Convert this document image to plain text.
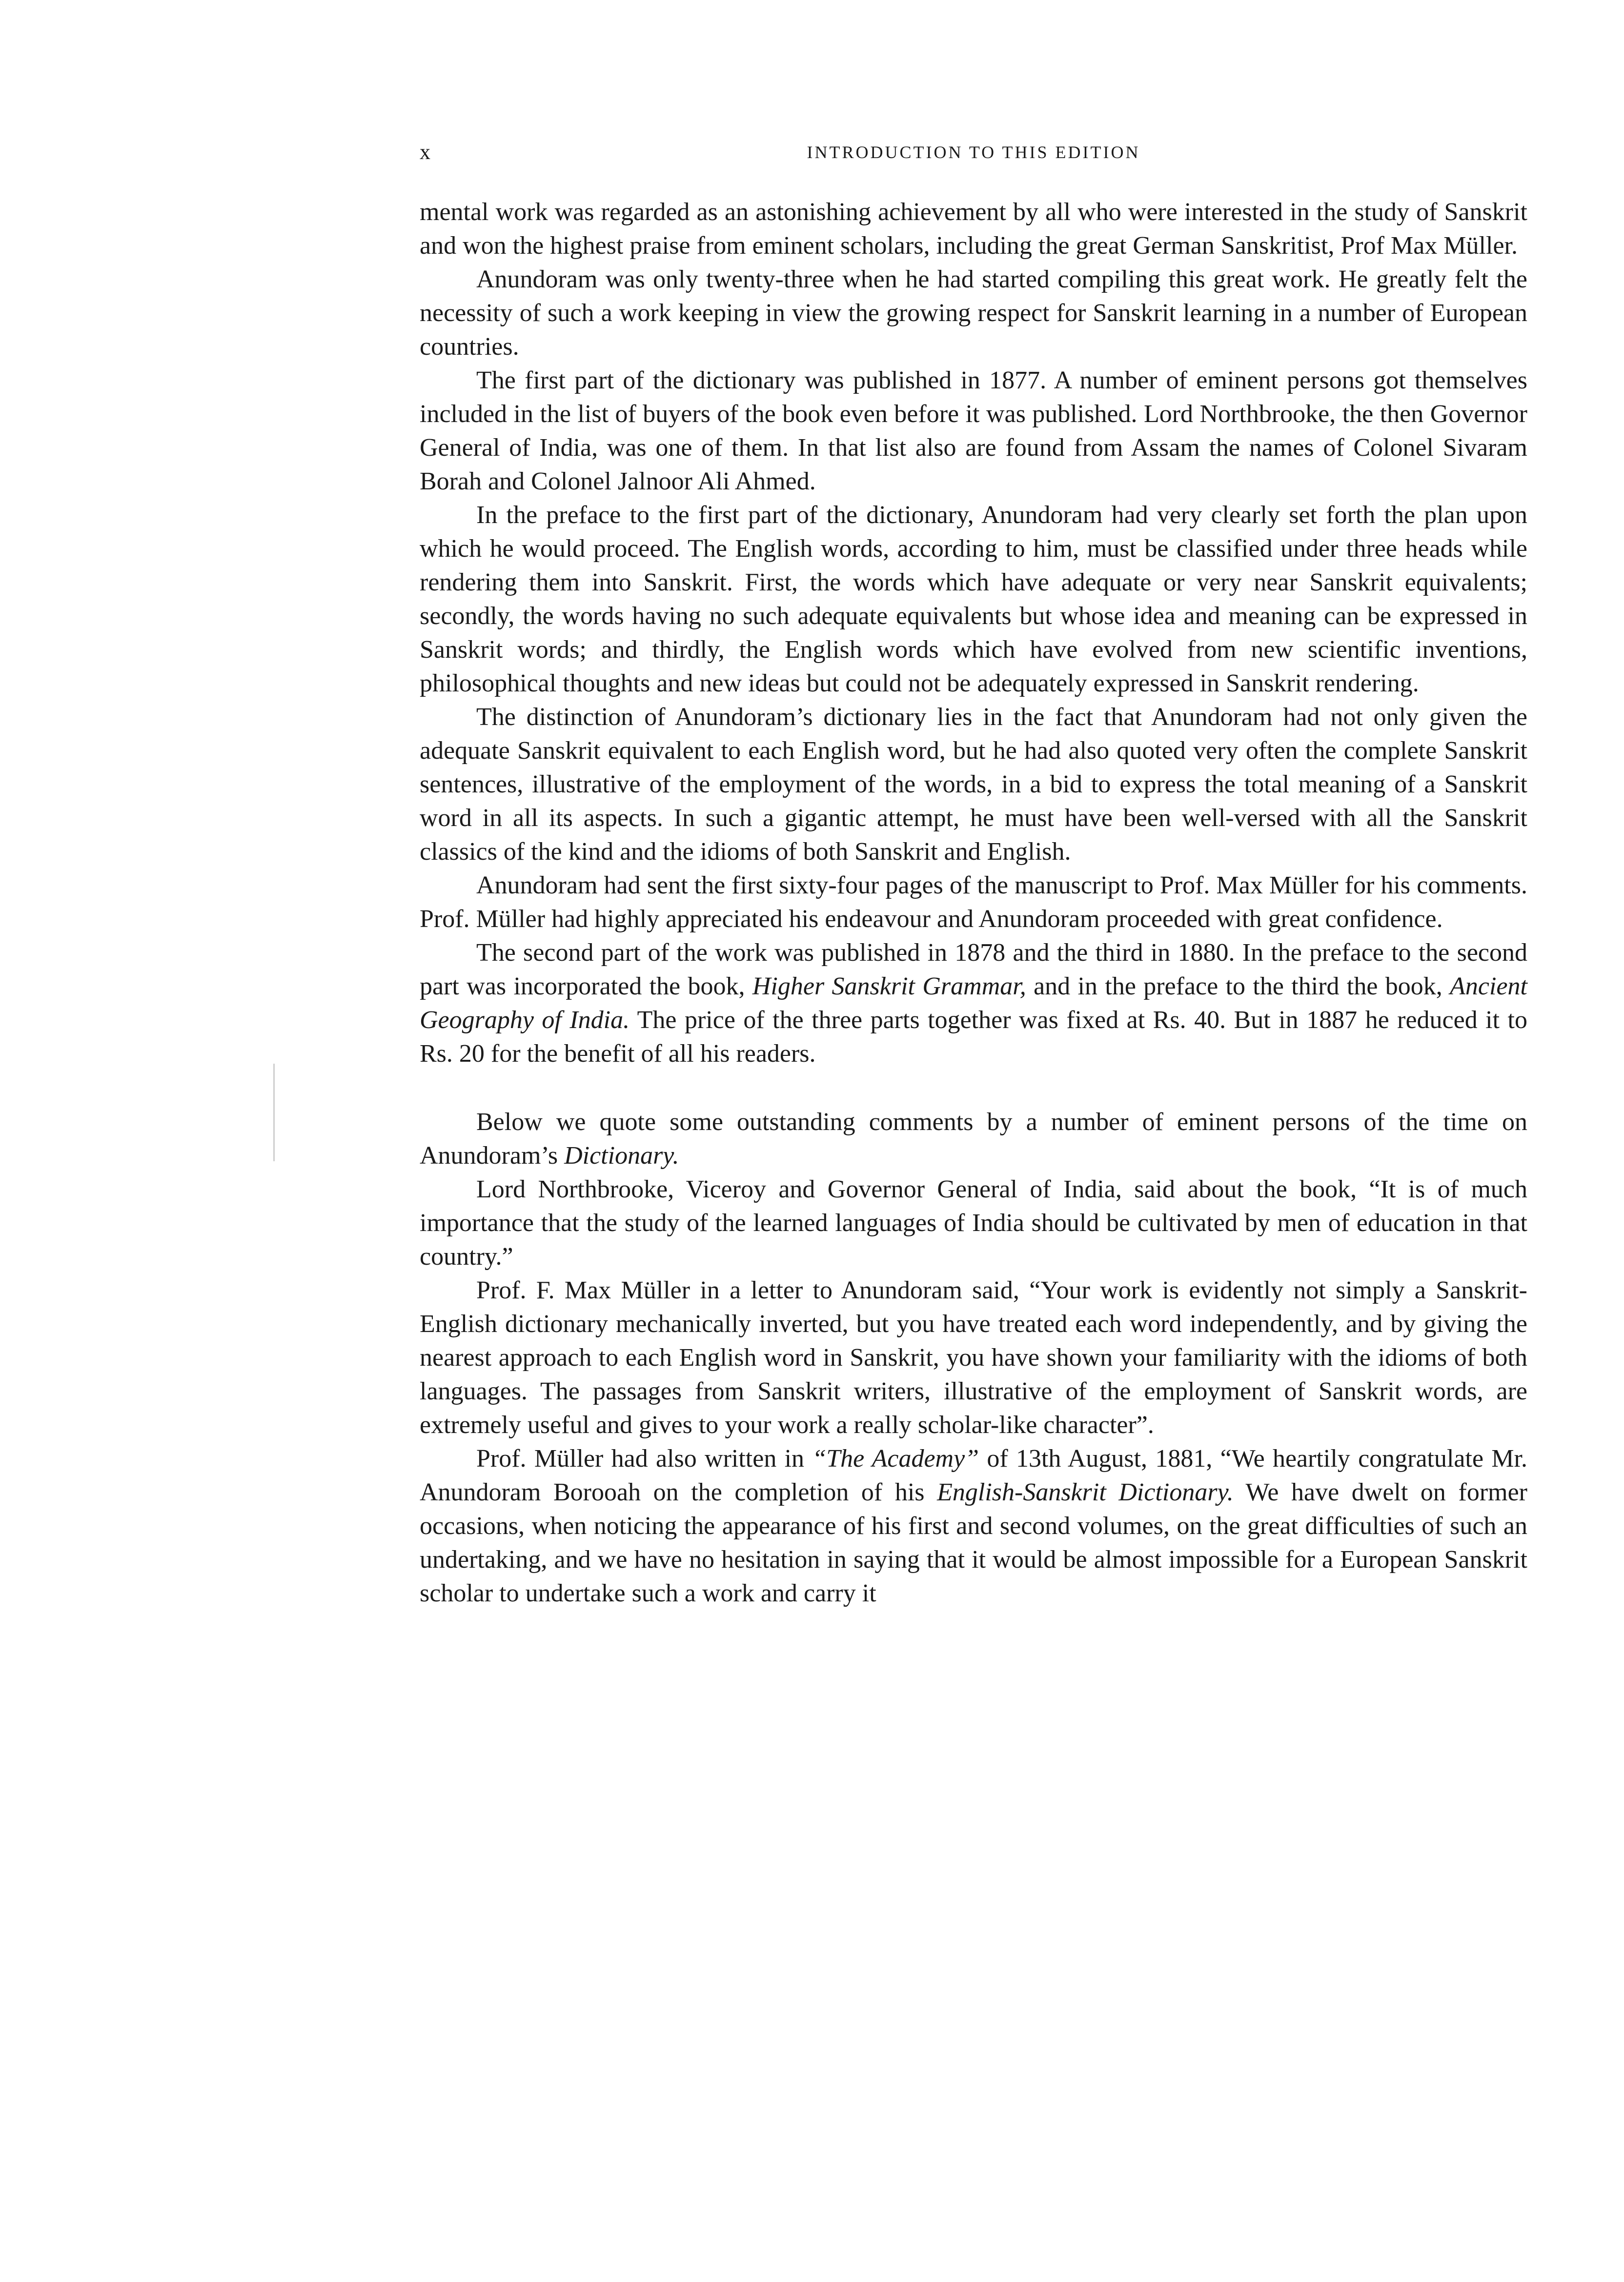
x	INTRODUCTION TO THIS EDITION

mental work was regarded as an astonishing achievement by all who were interested in the study of Sanskrit and won the highest praise from eminent scholars, including the great German Sanskritist, Prof Max Müller.

Anundoram was only twenty-three when he had started compiling this great work. He greatly felt the necessity of such a work keeping in view the growing respect for Sanskrit learning in a number of European countries.

The first part of the dictionary was published in 1877. A number of eminent persons got themselves included in the list of buyers of the book even before it was published. Lord Northbrooke, the then Governor General of India, was one of them. In that list also are found from Assam the names of Colonel Sivaram Borah and Colonel Jalnoor Ali Ahmed.

In the preface to the first part of the dictionary, Anundoram had very clearly set forth the plan upon which he would proceed. The English words, according to him, must be classified under three heads while rendering them into Sanskrit. First, the words which have adequate or very near Sanskrit equivalents; secondly, the words having no such adequate equivalents but whose idea and meaning can be expressed in Sanskrit words; and thirdly, the English words which have evolved from new scientific inventions, philosophical thoughts and new ideas but could not be adequately expressed in Sanskrit rendering.

The distinction of Anundoram’s dictionary lies in the fact that Anundoram had not only given the adequate Sanskrit equivalent to each English word, but he had also quoted very often the complete Sanskrit sentences, illustrative of the employment of the words, in a bid to express the total meaning of a Sanskrit word in all its aspects. In such a gigantic attempt, he must have been well-versed with all the Sanskrit classics of the kind and the idioms of both Sanskrit and English.

Anundoram had sent the first sixty-four pages of the manuscript to Prof. Max Müller for his comments. Prof. Müller had highly appreciated his endeavour and Anundoram proceeded with great confidence.

The second part of the work was published in 1878 and the third in 1880. In the preface to the second part was incorporated the book, Higher Sanskrit Grammar, and in the preface to the third the book, Ancient Geography of India. The price of the three parts together was fixed at Rs. 40. But in 1887 he reduced it to Rs. 20 for the benefit of all his readers.

Below we quote some outstanding comments by a number of eminent persons of the time on Anundoram’s Dictionary.

Lord Northbrooke, Viceroy and Governor General of India, said about the book, “It is of much importance that the study of the learned languages of India should be cultivated by men of education in that country.”

Prof. F. Max Müller in a letter to Anundoram said, “Your work is evidently not simply a Sanskrit-English dictionary mechanically inverted, but you have treated each word independently, and by giving the nearest approach to each English word in Sanskrit, you have shown your familiarity with the idioms of both languages. The passages from Sanskrit writers, illustrative of the employment of Sanskrit words, are extremely useful and gives to your work a really scholar-like character”.

Prof. Müller had also written in “The Academy” of 13th August, 1881, “We heartily congratulate Mr. Anundoram Borooah on the completion of his English-Sanskrit Dictionary. We have dwelt on former occasions, when noticing the appearance of his first and second volumes, on the great difficulties of such an undertaking, and we have no hesitation in saying that it would be almost impossible for a European Sanskrit scholar to undertake such a work and carry it
